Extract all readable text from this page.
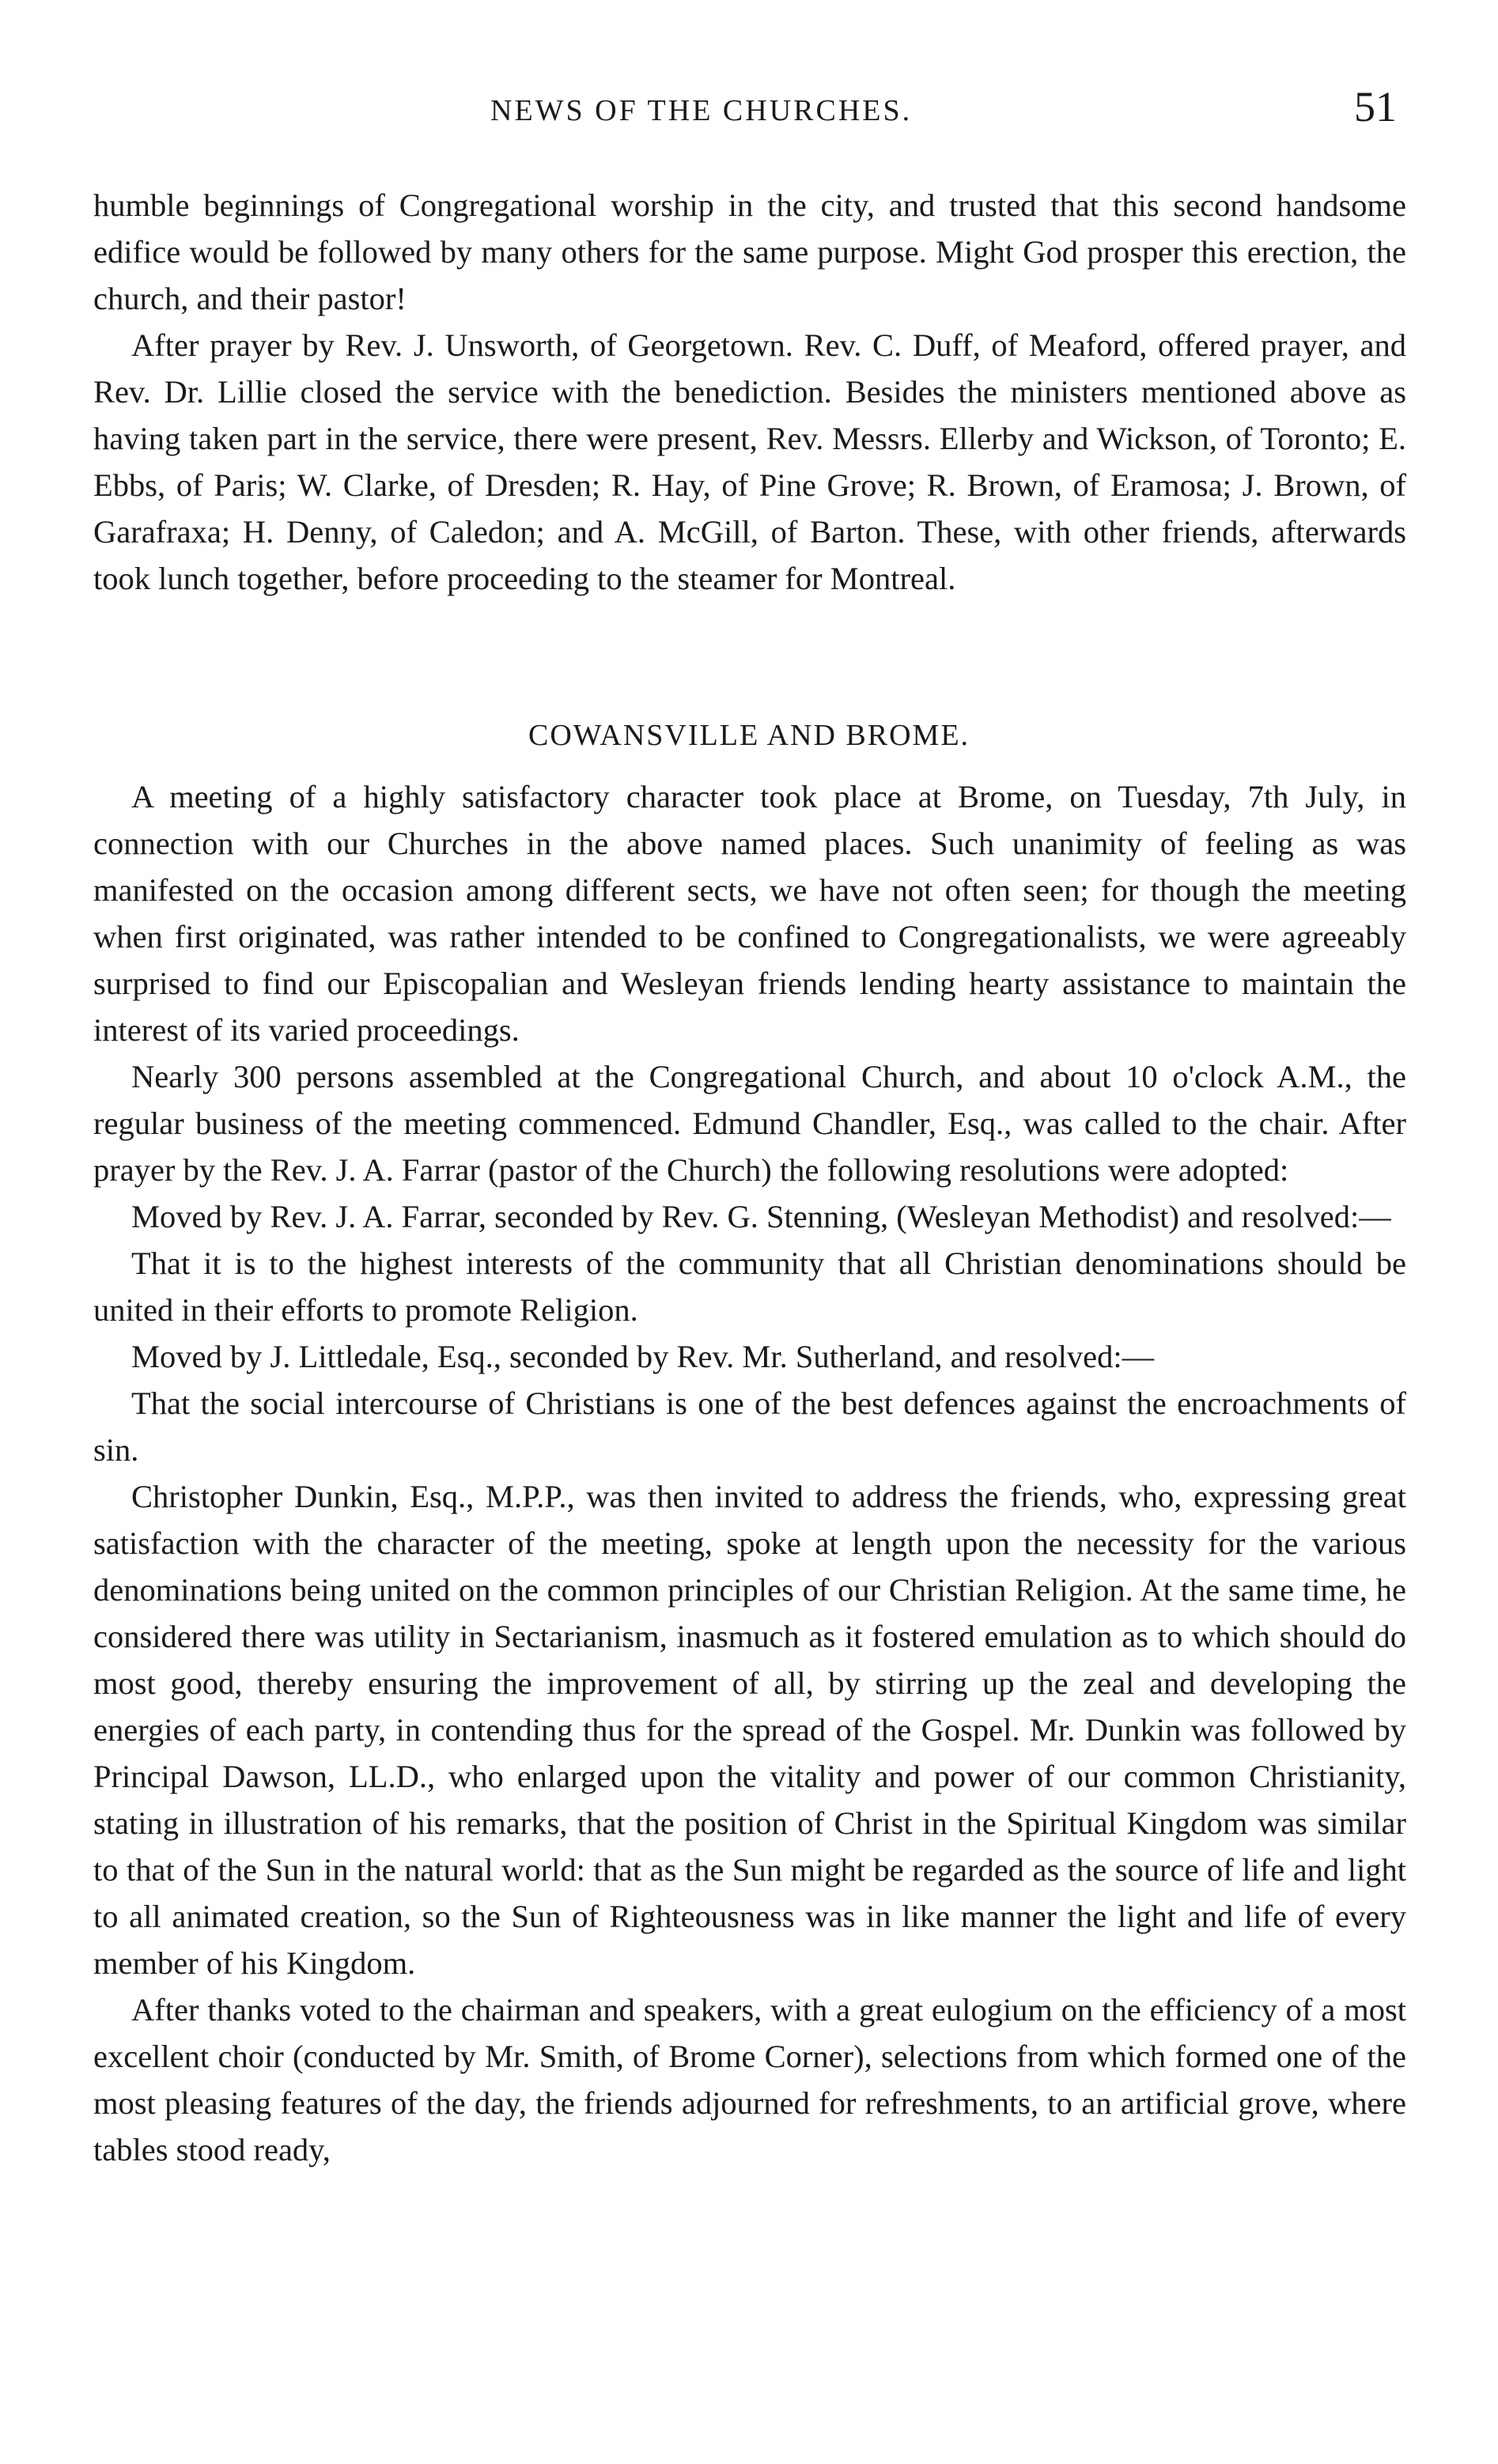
NEWS OF THE CHURCHES.	51

humble beginnings of Congregational worship in the city, and trusted that this second handsome edifice would be followed by many others for the same purpose. Might God prosper this erection, the church, and their pastor!

After prayer by Rev. J. Unsworth, of Georgetown. Rev. C. Duff, of Meaford, offered prayer, and Rev. Dr. Lillie closed the service with the benediction. Besides the ministers mentioned above as having taken part in the service, there were present, Rev. Messrs. Ellerby and Wickson, of Toronto; E. Ebbs, of Paris; W. Clarke, of Dresden; R. Hay, of Pine Grove; R. Brown, of Eramosa; J. Brown, of Garafraxa; H. Denny, of Caledon; and A. McGill, of Barton. These, with other friends, afterwards took lunch together, before proceeding to the steamer for Montreal.

COWANSVILLE AND BROME.

A meeting of a highly satisfactory character took place at Brome, on Tuesday, 7th July, in connection with our Churches in the above named places. Such unanimity of feeling as was manifested on the occasion among different sects, we have not often seen; for though the meeting when first originated, was rather intended to be confined to Congregationalists, we were agreeably surprised to find our Episcopalian and Wesleyan friends lending hearty assistance to maintain the interest of its varied proceedings.

Nearly 300 persons assembled at the Congregational Church, and about 10 o'clock A.M., the regular business of the meeting commenced. Edmund Chandler, Esq., was called to the chair. After prayer by the Rev. J. A. Farrar (pastor of the Church) the following resolutions were adopted:

Moved by Rev. J. A. Farrar, seconded by Rev. G. Stenning, (Wesleyan Methodist) and resolved:—

That it is to the highest interests of the community that all Christian denominations should be united in their efforts to promote Religion.

Moved by J. Littledale, Esq., seconded by Rev. Mr. Sutherland, and resolved:—

That the social intercourse of Christians is one of the best defences against the encroachments of sin.

Christopher Dunkin, Esq., M.P.P., was then invited to address the friends, who, expressing great satisfaction with the character of the meeting, spoke at length upon the necessity for the various denominations being united on the common principles of our Christian Religion. At the same time, he considered there was utility in Sectarianism, inasmuch as it fostered emulation as to which should do most good, thereby ensuring the improvement of all, by stirring up the zeal and developing the energies of each party, in contending thus for the spread of the Gospel. Mr. Dunkin was followed by Principal Dawson, LL.D., who enlarged upon the vitality and power of our common Christianity, stating in illustration of his remarks, that the position of Christ in the Spiritual Kingdom was similar to that of the Sun in the natural world: that as the Sun might be regarded as the source of life and light to all animated creation, so the Sun of Righteousness was in like manner the light and life of every member of his Kingdom.

After thanks voted to the chairman and speakers, with a great eulogium on the efficiency of a most excellent choir (conducted by Mr. Smith, of Brome Corner), selections from which formed one of the most pleasing features of the day, the friends adjourned for refreshments, to an artificial grove, where tables stood ready,
